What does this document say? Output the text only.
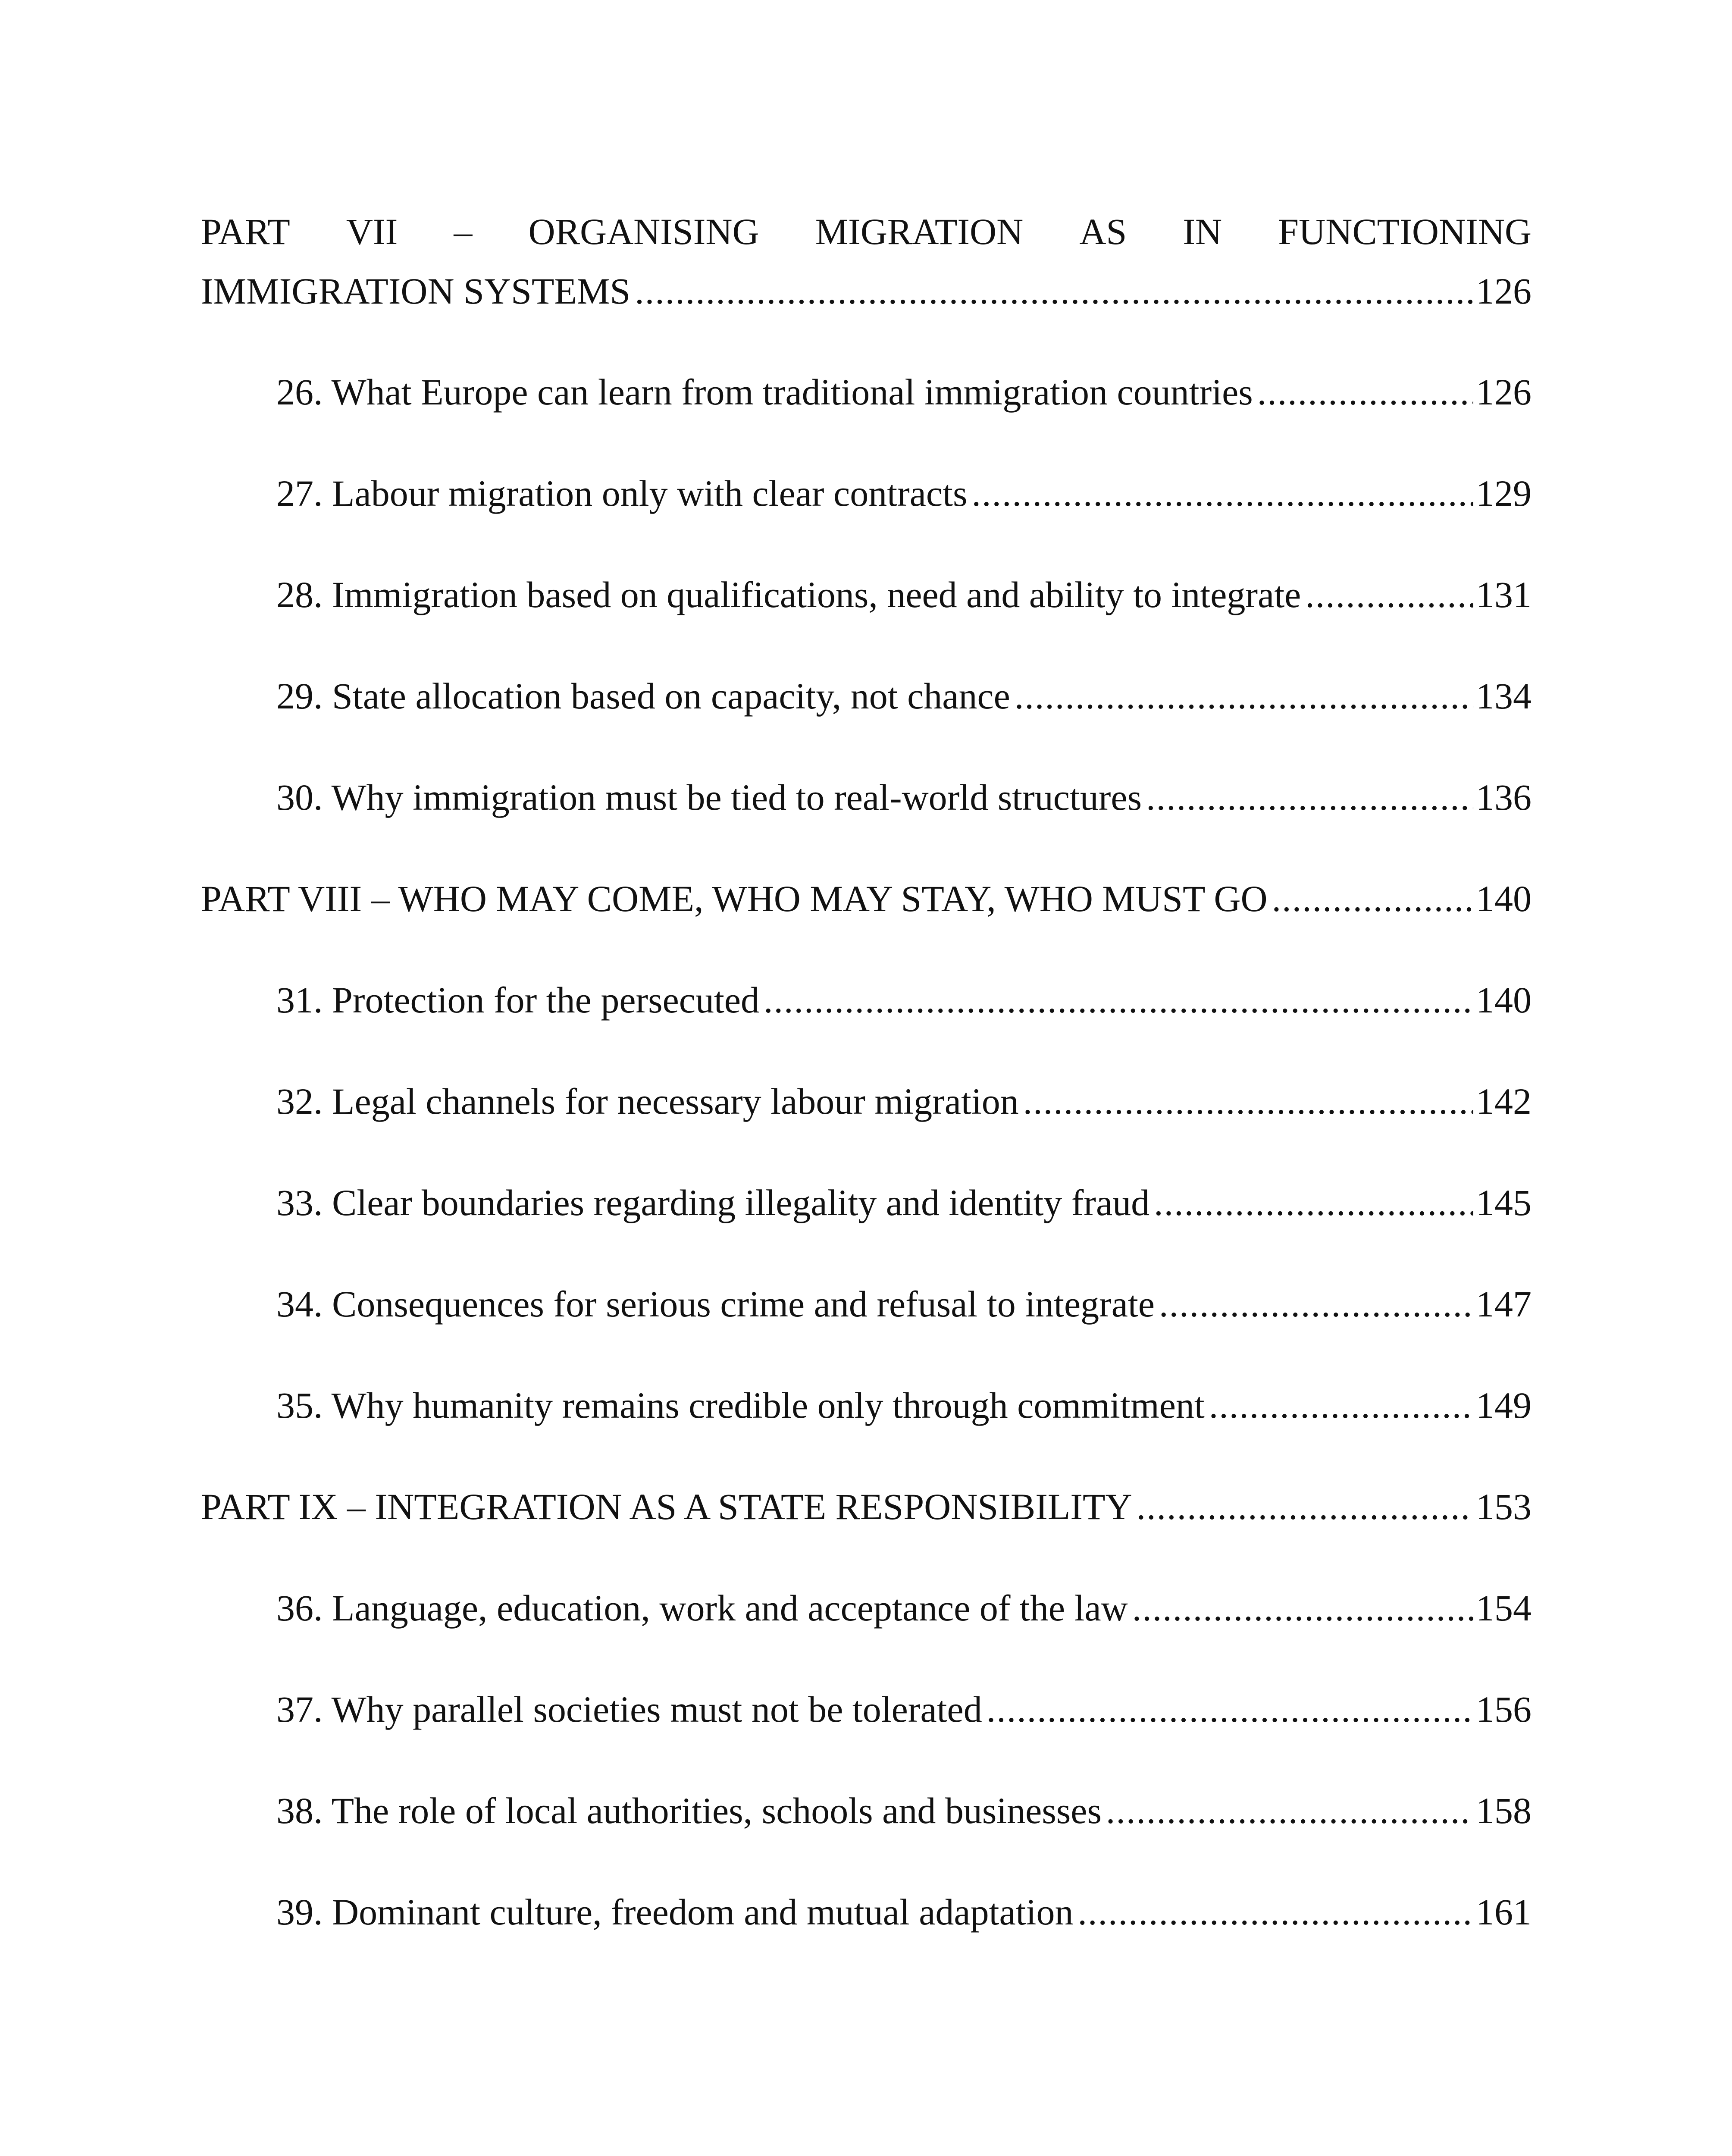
PART VII – ORGANISING MIGRATION AS IN FUNCTIONING
IMMIGRATION SYSTEMS .....	126
26. What Europe can learn from traditional immigration countries .....	126
27. Labour migration only with clear contracts .....	129
28. Immigration based on qualifications, need and ability to integrate .....	131
29. State allocation based on capacity, not chance .....	134
30. Why immigration must be tied to real-world structures .....	136
PART VIII – WHO MAY COME, WHO MAY STAY, WHO MUST GO .....	140
31. Protection for the persecuted .....	140
32. Legal channels for necessary labour migration .....	142
33. Clear boundaries regarding illegality and identity fraud .....	145
34. Consequences for serious crime and refusal to integrate .....	147
35. Why humanity remains credible only through commitment .....	149
PART IX – INTEGRATION AS A STATE RESPONSIBILITY .....	153
36. Language, education, work and acceptance of the law .....	154
37. Why parallel societies must not be tolerated .....	156
38. The role of local authorities, schools and businesses .....	158
39. Dominant culture, freedom and mutual adaptation .....	161
